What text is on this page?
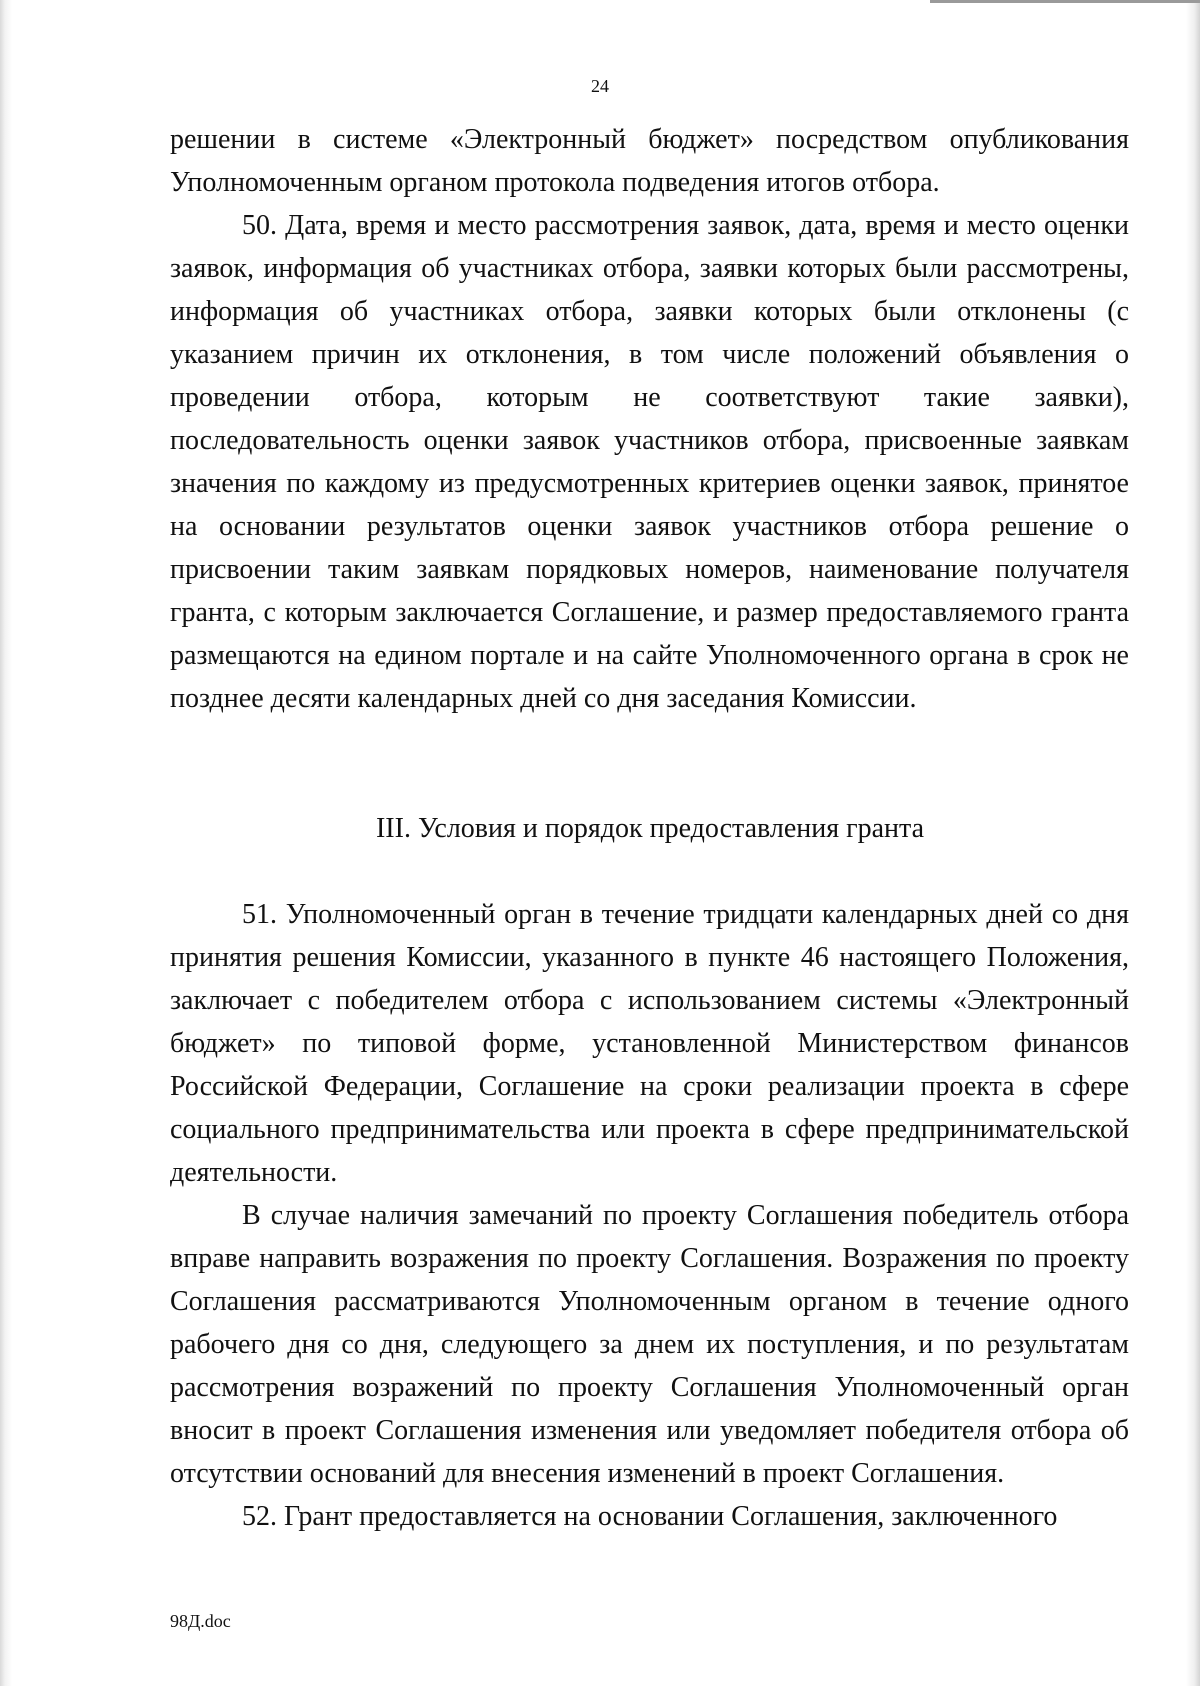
24

решении в системе «Электронный бюджет» посредством опубликования Уполномоченным органом протокола подведения итогов отбора.

50. Дата, время и место рассмотрения заявок, дата, время и место оценки заявок, информация об участниках отбора, заявки которых были рассмотрены, информация об участниках отбора, заявки которых были отклонены (с указанием причин их отклонения, в том числе положений объявления о проведении отбора, которым не соответствуют такие заявки), последовательность оценки заявок участников отбора, присвоенные заявкам значения по каждому из предусмотренных критериев оценки заявок, принятое на основании результатов оценки заявок участников отбора решение о присвоении таким заявкам порядковых номеров, наименование получателя гранта, с которым заключается Соглашение, и размер предоставляемого гранта размещаются на едином портале и на сайте Уполномоченного органа в срок не позднее десяти календарных дней со дня заседания Комиссии.

III. Условия и порядок предоставления гранта

51. Уполномоченный орган в течение тридцати календарных дней со дня принятия решения Комиссии, указанного в пункте 46 настоящего Положения, заключает с победителем отбора с использованием системы «Электронный бюджет» по типовой форме, установленной Министерством финансов Российской Федерации, Соглашение на сроки реализации проекта в сфере социального предпринимательства или проекта в сфере предпринимательской деятельности.

В случае наличия замечаний по проекту Соглашения победитель отбора вправе направить возражения по проекту Соглашения. Возражения по проекту Соглашения рассматриваются Уполномоченным органом в течение одного рабочего дня со дня, следующего за днем их поступления, и по результатам рассмотрения возражений по проекту Соглашения Уполномоченный орган вносит в проект Соглашения изменения или уведомляет победителя отбора об отсутствии оснований для внесения изменений в проект Соглашения.

52. Грант предоставляется на основании Соглашения, заключенного

98Д.doc
